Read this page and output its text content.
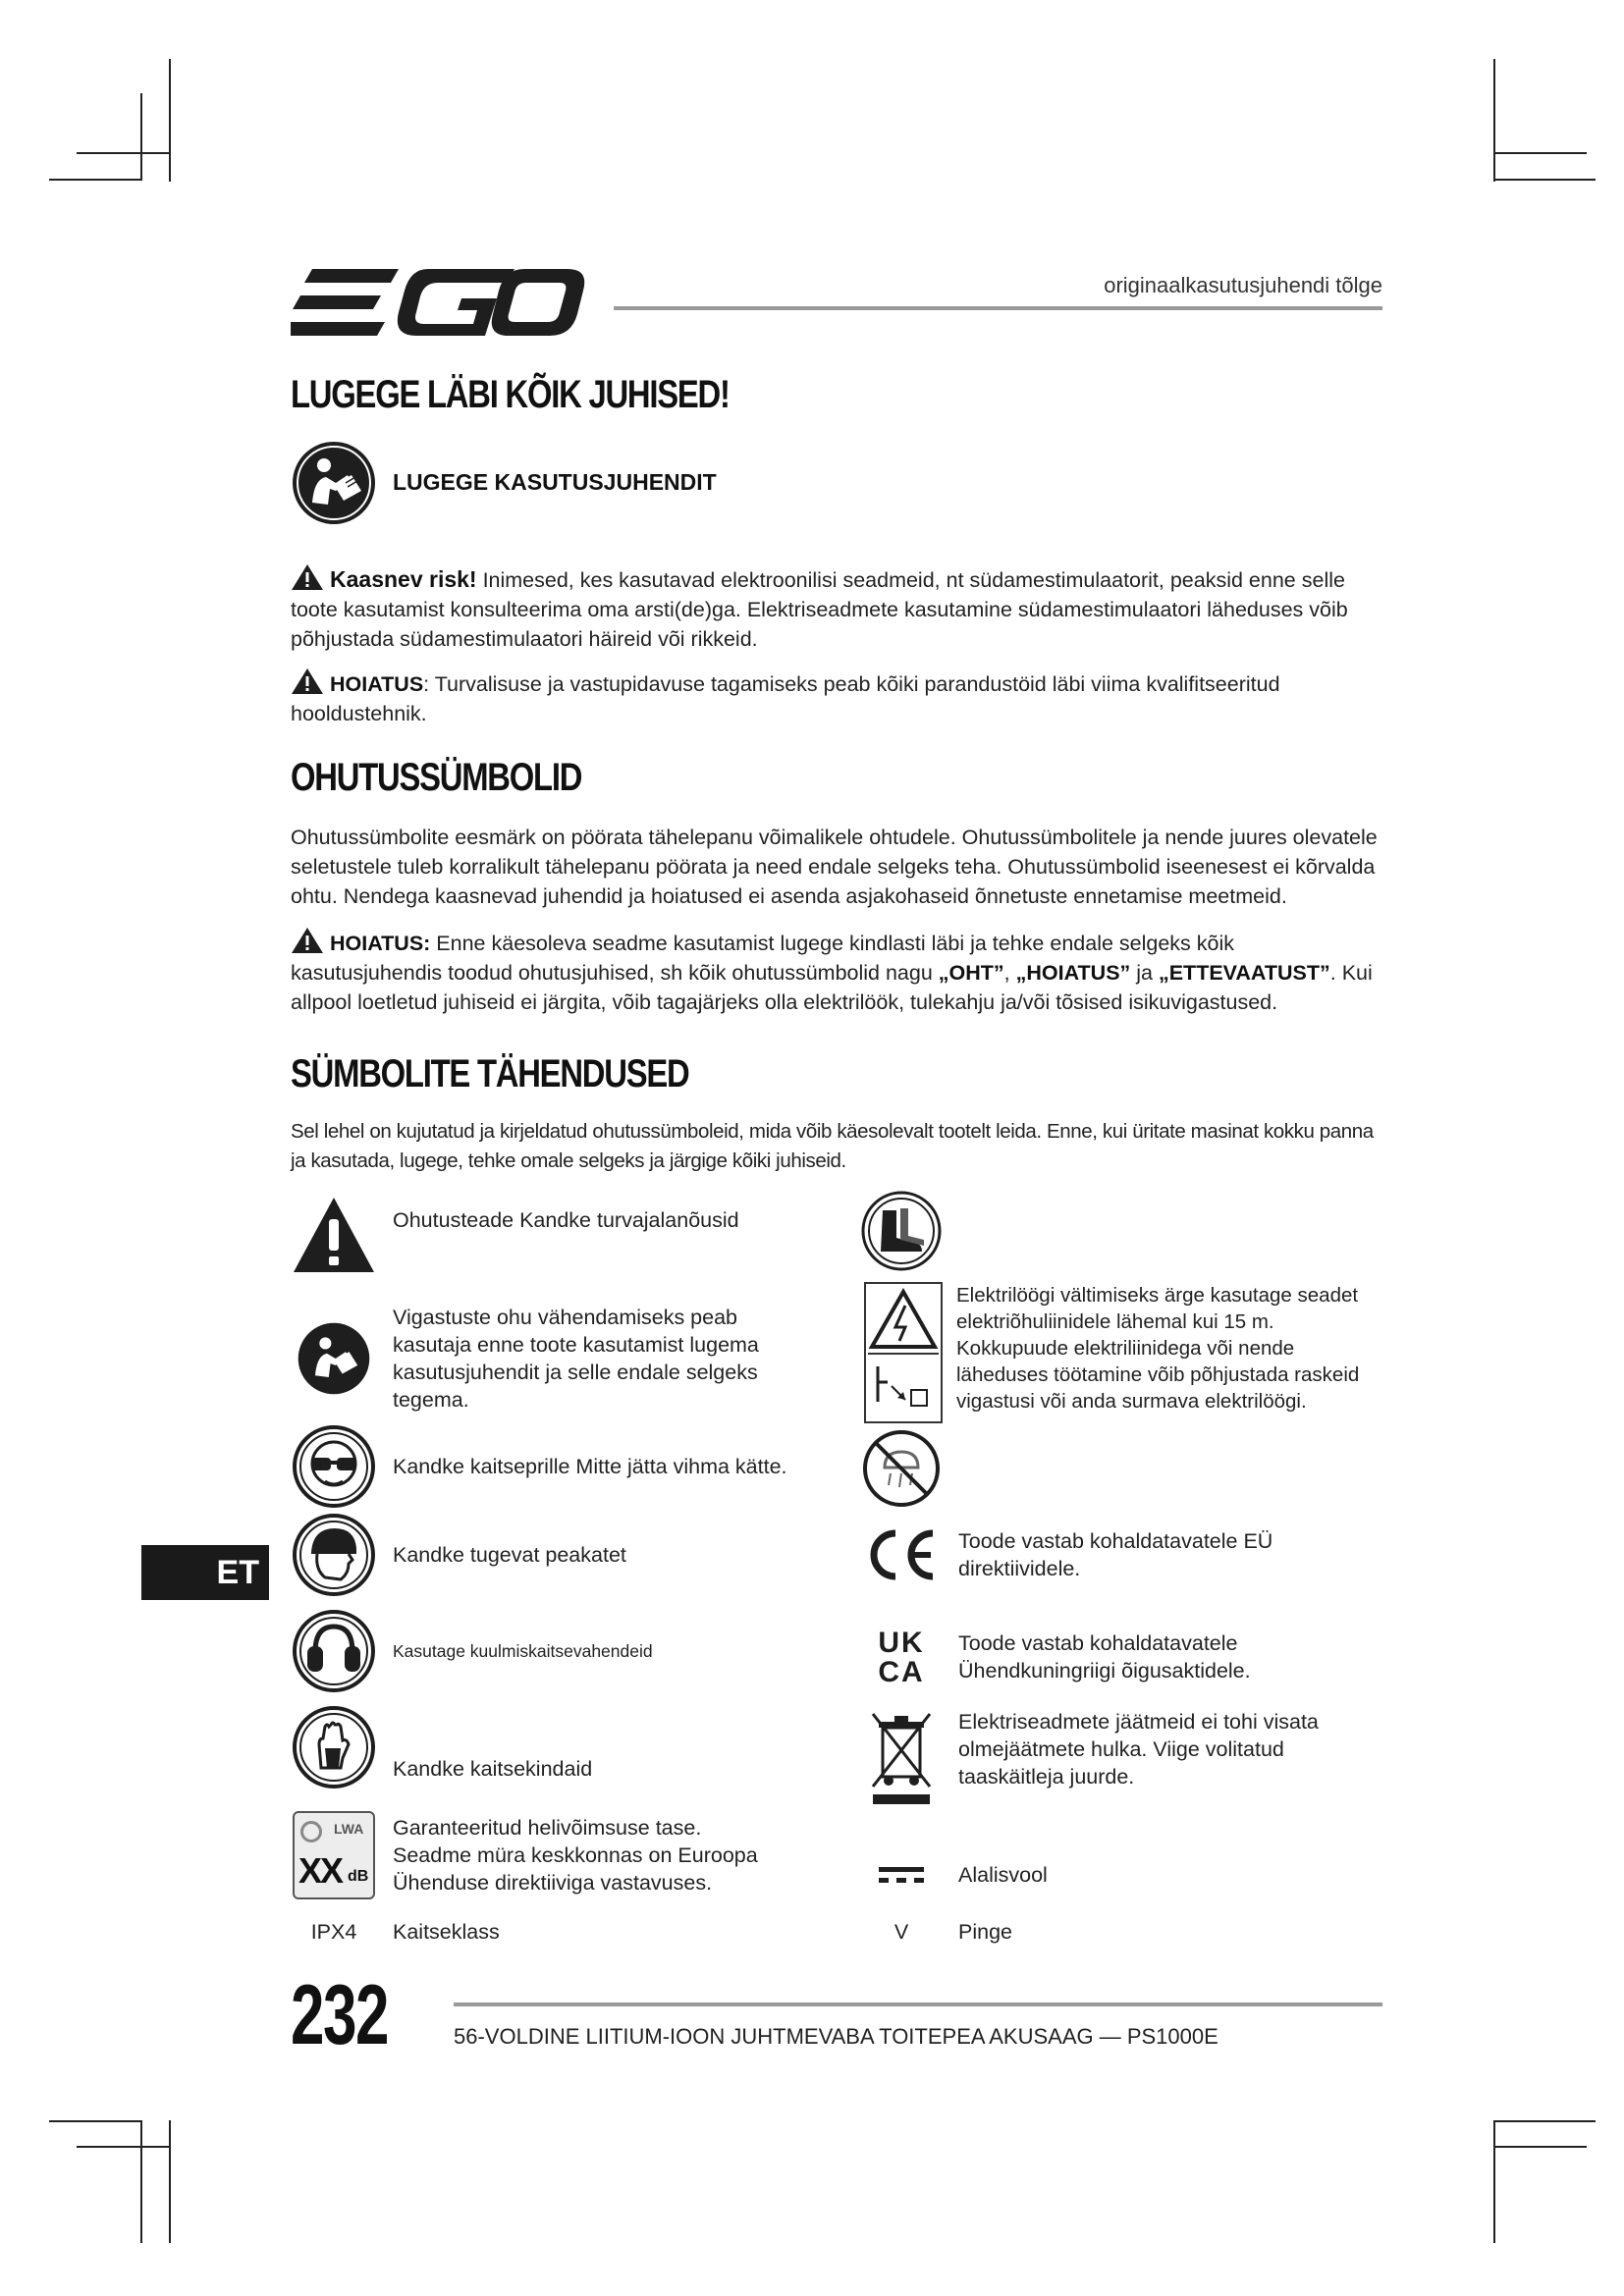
originaalkasutusjuhendi tõlge
LUGEGE LÄBI KÕIK JUHISED!
LUGEGE KASUTUSJUHENDIT
Kaasnev risk! Inimesed, kes kasutavad elektroonilisi seadmeid, nt südamestimulaatorit, peaksid enne selle toote kasutamist konsulteerima oma arsti(de)ga. Elektriseadmete kasutamine südamestimulaatori läheduses võib põhjustada südamestimulaatori häireid või rikkeid.
HOIATUS: Turvalisuse ja vastupidavuse tagamiseks peab kõiki parandustöid läbi viima kvalifitseeritud hooldustehnik.
OHUTUSSÜMBOLID
Ohutussümbolite eesmärk on pöörata tähelepanu võimalikele ohtudele. Ohutussümbolitele ja nende juures olevatele seletustele tuleb korralikult tähelepanu pöörata ja need endale selgeks teha. Ohutussümbolid iseenesest ei kõrvalda ohtu. Nendega kaasnevad juhendid ja hoiatused ei asenda asjakohaseid õnnetuste ennetamise meetmeid.
HOIATUS: Enne käesoleva seadme kasutamist lugege kindlasti läbi ja tehke endale selgeks kõik kasutusjuhendis toodud ohutusjuhised, sh kõik ohutussümbolid nagu „OHT”, „HOIATUS” ja „ETTEVAATUST”. Kui allpool loetletud juhiseid ei järgita, võib tagajärjeks olla elektrilöök, tulekahju ja/või tõsised isikuvigastused.
SÜMBOLITE TÄHENDUSED
Sel lehel on kujutatud ja kirjeldatud ohutussümboleid, mida võib käesolevalt tootelt leida. Enne, kui üritate masinat kokku panna ja kasutada, lugege, tehke omale selgeks ja järgige kõiki juhiseid.
Ohutusteade Kandke turvajalanõusid
Vigastuste ohu vähendamiseks peab kasutaja enne toote kasutamist lugema kasutusjuhendit ja selle endale selgeks tegema.
Kandke kaitseprille Mitte jätta vihma kätte.
Kandke tugevat peakatet
Kasutage kuulmiskaitsevahendeid
Kandke kaitsekindaid
LWA
XX dB
Garanteeritud helivõimsuse tase. Seadme müra keskkonnas on Euroopa Ühenduse direktiiviga vastavuses.
IPX4	Kaitseklass
Elektrilöögi vältimiseks ärge kasutage seadet elektriõhuliinidele lähemal kui 15 m. Kokkupuude elektriliinidega või nende läheduses töötamine võib põhjustada raskeid vigastusi või anda surmava elektrilöögi.
Toode vastab kohaldatavatele EÜ direktiividele.
UK
CA
Toode vastab kohaldatavatele Ühendkuningriigi õigusaktidele.
Elektriseadmete jäätmeid ei tohi visata olmejäätmete hulka. Viige volitatud taaskäitleja juurde.
Alalisvool
V	Pinge
ET
232	56-VOLDINE LIITIUM-IOON JUHTMEVABA TOITEPEA AKUSAAG — PS1000E
